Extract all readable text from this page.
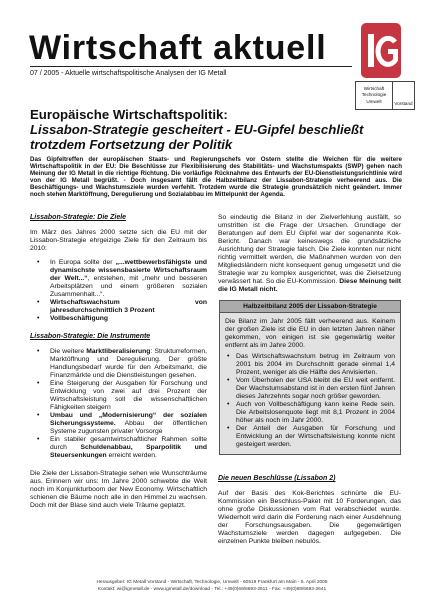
Wirtschaft aktuell
07 / 2005 - Aktuelle wirtschaftspolitische Analysen der IG Metall
Wirtschaft
Technologie
Umwelt	Vorstand
Europäische Wirtschaftspolitik:
Lissabon-Strategie gescheitert - EU-Gipfel beschließt trotzdem Fortsetzung der Politik
Das Gipfeltreffen der europäischen Staats- und Regierungschefs vor Ostern stellte die Weichen für die weitere Wirtschaftspolitik in der EU: Die Beschlüsse zur Flexibilisierung des Stabilitäts- und Wachstumspakts (SWP) gehen nach Meinung der IG Metall in die richtige Richtung. Die vorläufige Rücknahme des Entwurfs der EU-Dienstleistungsrichtlinie wird von der IG Metall begrüßt. - Doch insgesamt fällt die Halbzeitbilanz der Lissabon-Strategie verheerend aus. Die Beschäftigungs- und Wachstumsziele wurden verfehlt. Trotzdem wurde die Strategie grundsätzlich nicht geändert. Immer noch stehen Marktöffnung, Deregulierung und Sozialabbau im Mittelpunkt der Agenda.
Lissabon-Strategie: Die Ziele

Im März des Jahres 2000 setzte sich die EU mit der Lissabon-Strategie ehrgeizige Ziele für den Zeitraum bis 2010:

• In Europa sollte der „...wettbewerbsfähigste und dynamischste wissensbasierte Wirtschaftsraum der Welt...“, entstehen, mit „mehr und besseren Arbeitsplätzen und einem größeren sozialen Zusammenhalt...“.
• Wirtschaftswachstum von jahresdurchschnittlich 3 Prozent
• Vollbeschäftigung
Lissabon-Strategie: Die Instrumente
• Die weitere Marktliberalisierung: Strukturreformen, Marktöffnung und Deregulierung. Der größte Handlungsbedarf wurde für den Arbeitsmarkt, die Finanzmärkte und die Dienstleistungen gesehen.
• Eine Steigerung der Ausgaben für Forschung und Entwicklung von zwei auf drei Prozent der Wirtschaftsleistung soll die wissenschaftlichen Fähigkeiten steigern
• Umbau und „Modernisierung“ der sozialen Sicherungssysteme. Abbau der öffentlichen Systeme zugunsten privater Vorsorge
• Ein stabiler gesamtwirtschaftlicher Rahmen sollte durch Schuldenabbau, Sparpolitik und Steuersenkungen erreicht werden.

Die Ziele der Lissabon-Strategie sehen wie Wunschträume aus. Erinnern wir uns: Im Jahre 2000 schwebte die Welt noch im Konjunkturboom der New Economy. Wirtschaftlich schienen die Bäume noch alle in den Himmel zu wachsen. Doch mit der Blase sind auch viele Träume geplatzt.

So eindeutig die Bilanz in der Zielverfehlung ausfällt, so umstritten ist die Frage der Ursachen. Grundlage der Beratungen auf dem EU Gipfel war der sogenannte Kok-Bericht. Danach war keineswegs die grundsätzliche Ausrichtung der Strategie falsch. Die Ziele konnten nur nicht richtig vermittelt werden, die Maßnahmen wurden von den Mitgliedsländern nicht konsequent genug umgesetzt und die Strategie war zu komplex ausgerichtet, was die Zielsetzung verwässert hat. So die EU-Kommission. Diese Meinung teilt die IG Metall nicht.

Halbzeitbilanz 2005 der Lissabon-Strategie

Die Bilanz im Jahr 2005 fällt verheerend aus. Keinem der großen Ziele ist die EU in den letzten Jahren näher gekommen, von einigen ist sie gegenwärtig weiter entfernt als im Jahre 2000.

• Das Wirtschaftswachstum betrug im Zeitraum von 2001 bis 2004 im Durchschnitt gerade einmal 1,4 Prozent, weniger als die Hälfte des Anvisierten.
• Vom Überholen der USA bleibt die EU weit entfernt. Der Wachstumsabstand ist in den ersten fünf Jahren dieses Jahrzehnts sogar noch größer geworden.
• Auch von Vollbeschäftigung kann keine Rede sein. Die Arbeitslosenquote liegt mit 8,1 Prozent in 2004 höher als noch im Jahr 2000.
• Der Anteil der Ausgaben für Forschung und Entwicklung an der Wirtschaftsleistung konnte nicht gesteigert werden.
Die neuen Beschlüsse (Lissabon 2)

Auf der Basis des Kok-Berichtes schnürte die EU-Kommission ein Beschluss-Paket mit 10 Forderungen, das ohne große Diskussionen vom Rat verabschiedet wurde. Wiederholt wird darin die Forderung nach einer Ausdehnung der Forschungsausgaben. Die gegenwärtigen Wachstumsziele werden dagegen aufgegeben. Die einzelnen Punkte bleiben nebulös.

Herausgeber: IG Metall Vorstand - Wirtschaft, Technologie, Umwelt - 60519 Frankfurt am Main - 5. April 2005
Kontakt: wi@igmetall.de - www.igmetall.de/download - Tel.: +49(0)69/6693-2611 - Fax: +49(0)69/6693-2641
